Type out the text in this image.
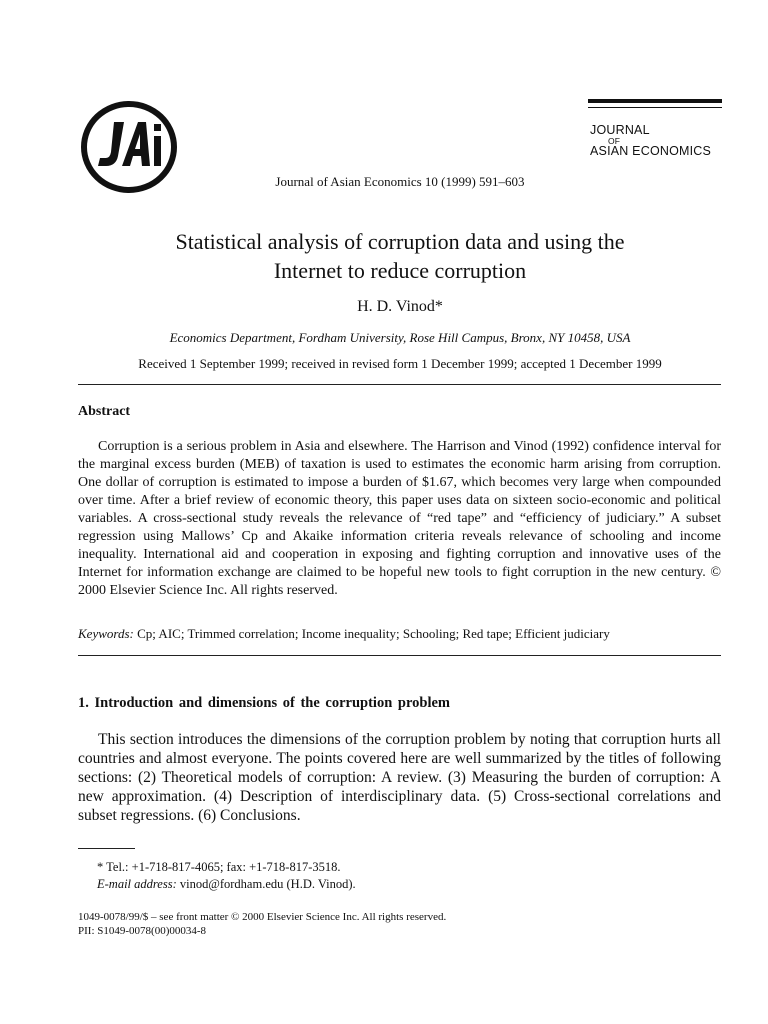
Journal of Asian Economics 10 (1999) 591–603
JOURNAL
OF
ASIAN ECONOMICS
Statistical analysis of corruption data and using the
Internet to reduce corruption
H. D. Vinod*
Economics Department, Fordham University, Rose Hill Campus, Bronx, NY 10458, USA
Received 1 September 1999; received in revised form 1 December 1999; accepted 1 December 1999
Abstract
Corruption is a serious problem in Asia and elsewhere. The Harrison and Vinod (1992) confidence interval for the marginal excess burden (MEB) of taxation is used to estimates the economic harm arising from corruption. One dollar of corruption is estimated to impose a burden of $1.67, which becomes very large when compounded over time. After a brief review of economic theory, this paper uses data on sixteen socio-economic and political variables. A cross-sectional study reveals the relevance of “red tape” and “efficiency of judiciary.” A subset regression using Mallows’ Cp and Akaike information criteria reveals relevance of schooling and income inequality. International aid and cooperation in exposing and fighting corruption and innovative uses of the Internet for information exchange are claimed to be hopeful new tools to fight corruption in the new century. © 2000 Elsevier Science Inc. All rights reserved.
Keywords: Cp; AIC; Trimmed correlation; Income inequality; Schooling; Red tape; Efficient judiciary
1. Introduction and dimensions of the corruption problem
This section introduces the dimensions of the corruption problem by noting that corruption hurts all countries and almost everyone. The points covered here are well summarized by the titles of following sections: (2) Theoretical models of corruption: A review. (3) Measuring the burden of corruption: A new approximation. (4) Description of interdisciplinary data. (5) Cross-sectional correlations and subset regressions. (6) Conclusions.
* Tel.: +1-718-817-4065; fax: +1-718-817-3518.
E-mail address: vinod@fordham.edu (H.D. Vinod).
1049-0078/99/$ – see front matter © 2000 Elsevier Science Inc. All rights reserved.
PII: S1049-0078(00)00034-8
